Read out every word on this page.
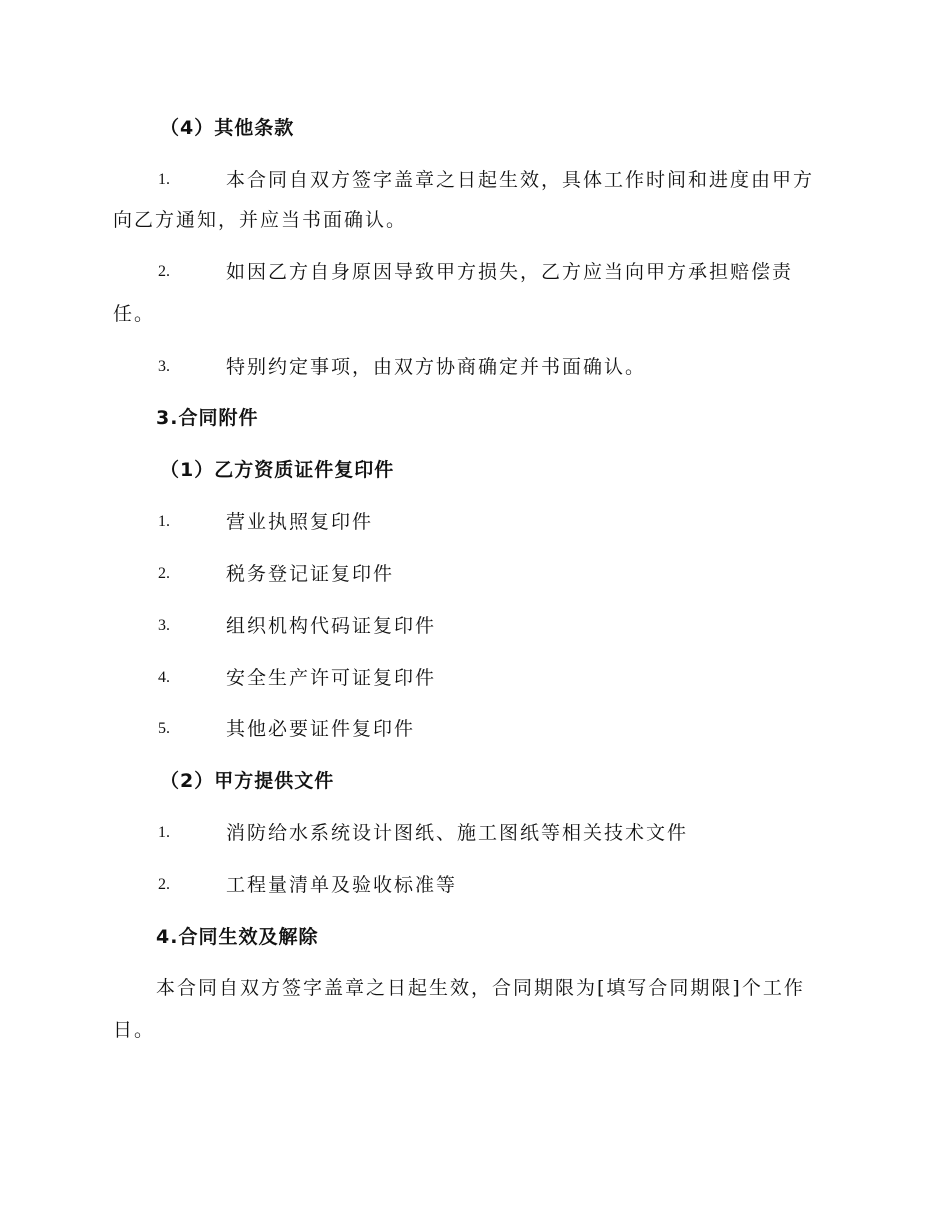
（4）其他条款
1.	本合同自双方签字盖章之日起生效，具体工作时间和进度由甲方
向乙方通知，并应当书面确认。
2.	如因乙方自身原因导致甲方损失，乙方应当向甲方承担赔偿责
任。
3.	特别约定事项，由双方协商确定并书面确认。
3.合同附件
（1）乙方资质证件复印件
1.	营业执照复印件
2.	税务登记证复印件
3.	组织机构代码证复印件
4.	安全生产许可证复印件
5.	其他必要证件复印件
（2）甲方提供文件
1.	消防给水系统设计图纸、施工图纸等相关技术文件
2.	工程量清单及验收标准等
4.合同生效及解除
本合同自双方签字盖章之日起生效，合同期限为[填写合同期限]个工作
日。
